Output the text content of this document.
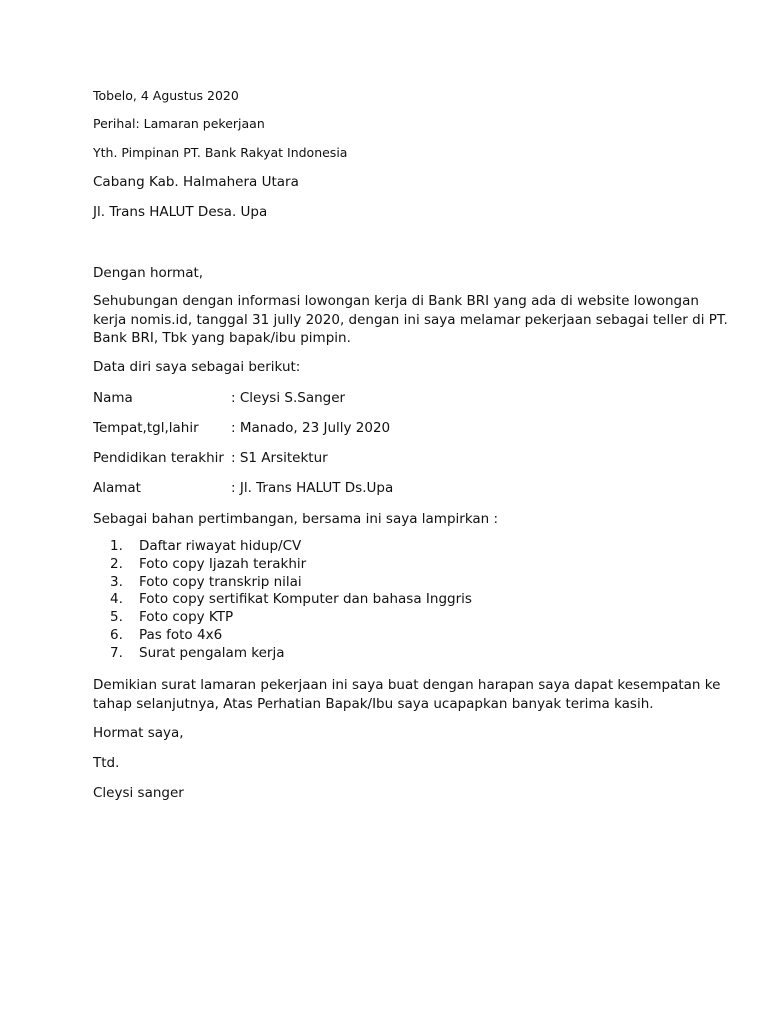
Tobelo, 4 Agustus 2020
Perihal: Lamaran pekerjaan
Yth. Pimpinan PT. Bank Rakyat Indonesia
Cabang Kab. Halmahera Utara
Jl. Trans HALUT Desa. Upa
Dengan hormat,
Sehubungan dengan informasi lowongan kerja di Bank BRI yang ada di website lowongan
kerja nomis.id, tanggal 31 jully 2020, dengan ini saya melamar pekerjaan sebagai teller di PT.
Bank BRI, Tbk yang bapak/ibu pimpin.
Data diri saya sebagai berikut:
Nama	: Cleysi S.Sanger
Tempat,tgl,lahir : Manado, 23 Jully 2020
Pendidikan terakhir : S1 Arsitektur
Alamat	: Jl. Trans HALUT Ds.Upa
Sebagai bahan pertimbangan, bersama ini saya lampirkan :
1. Daftar riwayat hidup/CV
2. Foto copy Ijazah terakhir
3. Foto copy transkrip nilai
4. Foto copy sertifikat Komputer dan bahasa Inggris
5. Foto copy KTP
6. Pas foto 4x6
7. Surat pengalam kerja
Demikian surat lamaran pekerjaan ini saya buat dengan harapan saya dapat kesempatan ke
tahap selanjutnya, Atas Perhatian Bapak/Ibu saya ucapapkan banyak terima kasih.
Hormat saya,
Ttd.
Cleysi sanger
